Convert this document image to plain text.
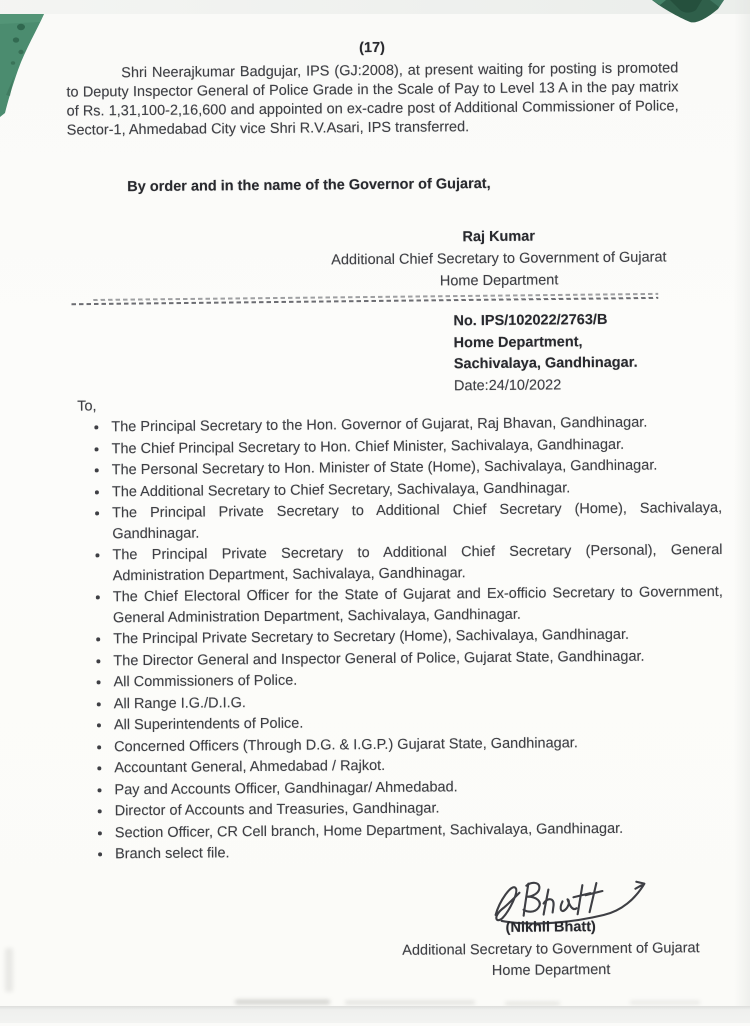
(17)
Shri Neerajkumar Badgujar, IPS (GJ:2008), at present waiting for posting is promoted to Deputy Inspector General of Police Grade in the Scale of Pay to Level 13 A in the pay matrix of Rs. 1,31,100-2,16,600 and appointed on ex-cadre post of Additional Commissioner of Police, Sector-1, Ahmedabad City vice Shri R.V.Asari, IPS transferred.
By order and in the name of the Governor of Gujarat,
Raj Kumar
Additional Chief Secretary to Government of Gujarat
Home Department
No. IPS/102022/2763/B
Home Department,
Sachivalaya, Gandhinagar.
Date:24/10/2022
To,
• The Principal Secretary to the Hon. Governor of Gujarat, Raj Bhavan, Gandhinagar.
• The Chief Principal Secretary to Hon. Chief Minister, Sachivalaya, Gandhinagar.
• The Personal Secretary to Hon. Minister of State (Home), Sachivalaya, Gandhinagar.
• The Additional Secretary to Chief Secretary, Sachivalaya, Gandhinagar.
• The Principal Private Secretary to Additional Chief Secretary (Home), Sachivalaya, Gandhinagar.
• The Principal Private Secretary to Additional Chief Secretary (Personal), General Administration Department, Sachivalaya, Gandhinagar.
• The Chief Electoral Officer for the State of Gujarat and Ex-officio Secretary to Government, General Administration Department, Sachivalaya, Gandhinagar.
• The Principal Private Secretary to Secretary (Home), Sachivalaya, Gandhinagar.
• The Director General and Inspector General of Police, Gujarat State, Gandhinagar.
• All Commissioners of Police.
• All Range I.G./D.I.G.
• All Superintendents of Police.
• Concerned Officers (Through D.G. & I.G.P.) Gujarat State, Gandhinagar.
• Accountant General, Ahmedabad / Rajkot.
• Pay and Accounts Officer, Gandhinagar/ Ahmedabad.
• Director of Accounts and Treasuries, Gandhinagar.
• Section Officer, CR Cell branch, Home Department, Sachivalaya, Gandhinagar.
• Branch select file.
(Nikhil Bhatt)
Additional Secretary to Government of Gujarat
Home Department
